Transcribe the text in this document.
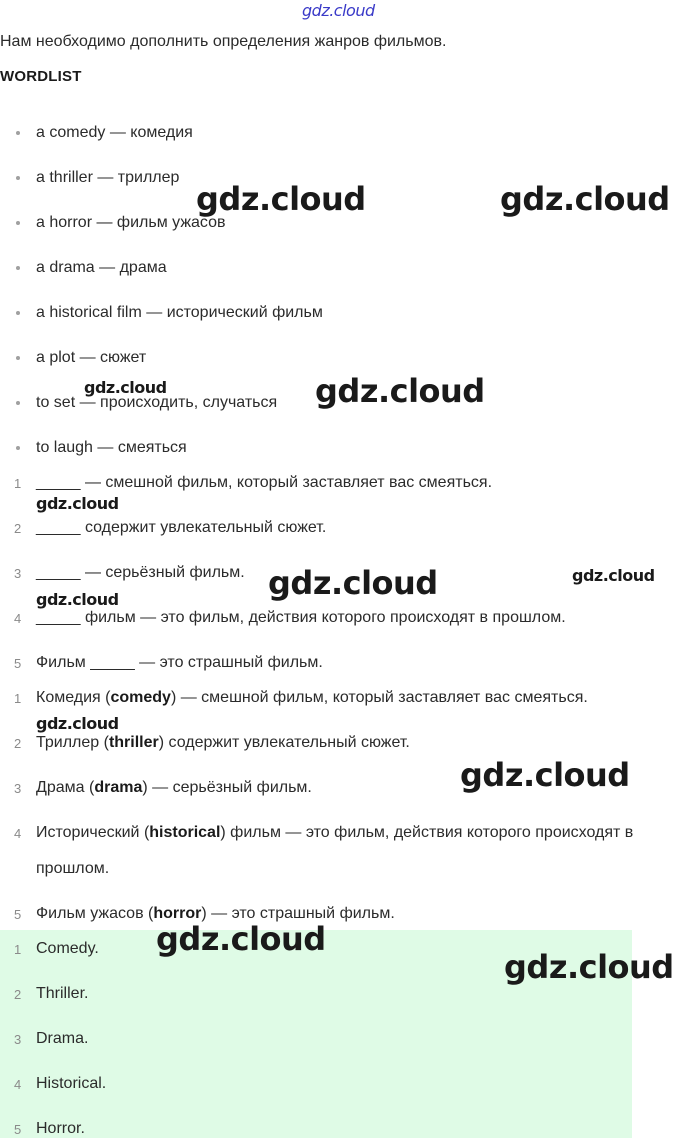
gdz.cloud
Нам необходимо дополнить определения жанров фильмов.
WORDLIST
a comedy — комедия
a thriller — триллер
a horror — фильм ужасов
a drama — драма
a historical film — исторический фильм
a plot — сюжет
to set — происходить, случаться
to laugh — смеяться
1 _____ — смешной фильм, который заставляет вас смеяться.
2 _____ содержит увлекательный сюжет.
3 _____ — серьёзный фильм.
4 _____ фильм — это фильм, действия которого происходят в прошлом.
5 Фильм _____ — это страшный фильм.
1 Комедия (comedy) — смешной фильм, который заставляет вас смеяться.
2 Триллер (thriller) содержит увлекательный сюжет.
3 Драма (drama) — серьёзный фильм.
4 Исторический (historical) фильм — это фильм, действия которого происходят в прошлом.
5 Фильм ужасов (horror) — это страшный фильм.
1 Comedy.
2 Thriller.
3 Drama.
4 Historical.
5 Horror.
gdz.cloud	gdz.cloud
gdz.cloud	gdz.cloud
gdz.cloud
gdz.cloud	gdz.cloud
gdz.cloud
gdz.cloud
gdz.cloud
gdz.cloud
gdz.cloud
